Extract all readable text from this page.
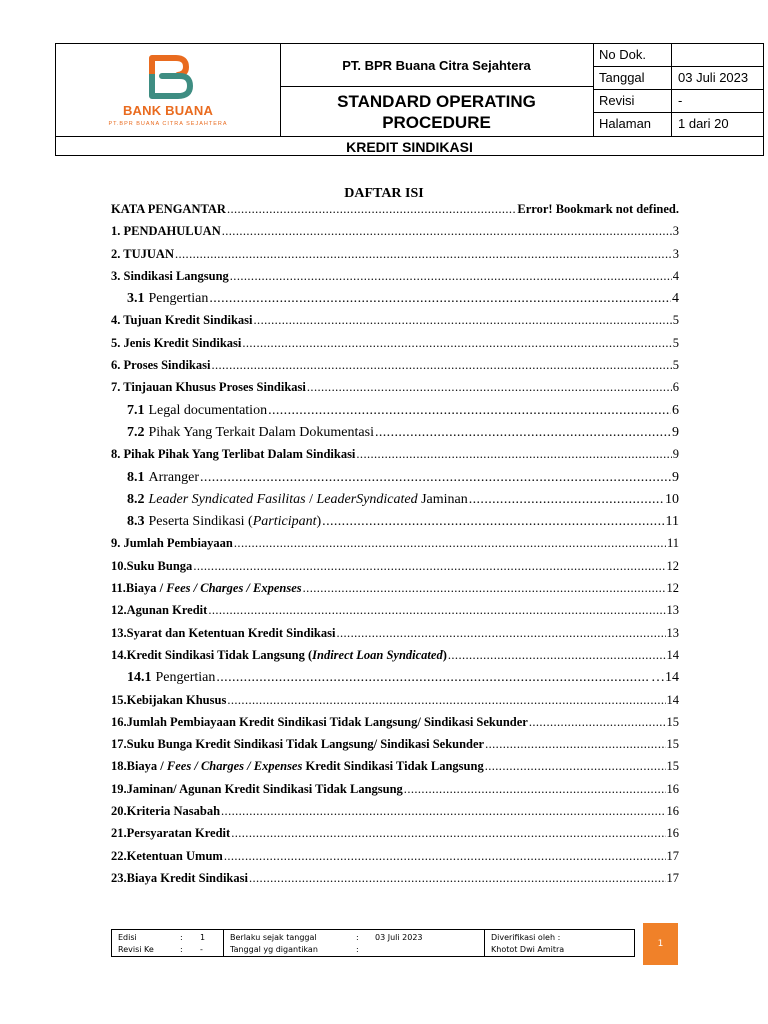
BANK BUANA
PT.BPR BUANA CITRA SEJAHTERA
PT. BPR Buana Citra Sejahtera
STANDARD OPERATING
PROCEDURE
No Dok.
Tanggal	03 Juli 2023
Revisi	-
Halaman	1 dari 20
KREDIT SINDIKASI
DAFTAR ISI
KATA PENGANTAR .....	Error! Bookmark not defined.
1. PENDAHULUAN .....	3
2. TUJUAN .....	3
3. Sindikasi Langsung .....	4
3.1 Pengertian .....	4
4. Tujuan Kredit Sindikasi .....	5
5. Jenis Kredit Sindikasi .....	5
6. Proses Sindikasi .....	5
7. Tinjauan Khusus Proses Sindikasi .....	6
7.1 Legal documentation .....	6
7.2 Pihak Yang Terkait Dalam Dokumentasi .....	9
8. Pihak Pihak Yang Terlibat Dalam Sindikasi .....	9
8.1 Arranger .....	9
8.2 Leader Syndicated Fasilitas / LeaderSyndicated Jaminan .....	10
8.3 Peserta Sindikasi (Participant) .....	11
9. Jumlah Pembiayaan .....	11
10.Suku Bunga .....	12
11.Biaya / Fees / Charges / Expenses .....	12
12.Agunan Kredit .....	13
13.Syarat dan Ketentuan Kredit Sindikasi .....	13
14.Kredit Sindikasi Tidak Langsung (Indirect Loan Syndicated) .....	14
14.1 Pengertian .....	…14
15.Kebijakan Khusus .....	14
16.Jumlah Pembiayaan Kredit Sindikasi Tidak Langsung/ Sindikasi Sekunder .....	15
17.Suku Bunga Kredit Sindikasi Tidak Langsung/ Sindikasi Sekunder .....	15
18.Biaya / Fees / Charges / Expenses Kredit Sindikasi Tidak Langsung .....	15
19.Jaminan/ Agunan Kredit Sindikasi Tidak Langsung .....	16
20.Kriteria Nasabah .....	16
21.Persyaratan Kredit .....	16
22.Ketentuan Umum .....	17
23.Biaya Kredit Sindikasi .....	17
Edisi	: 1
Revisi Ke	: -
Berlaku sejak tanggal	: 03 Juli 2023
Tanggal yg digantikan	:
Diverifikasi oleh :
Khotot Dwi Amitra
1
